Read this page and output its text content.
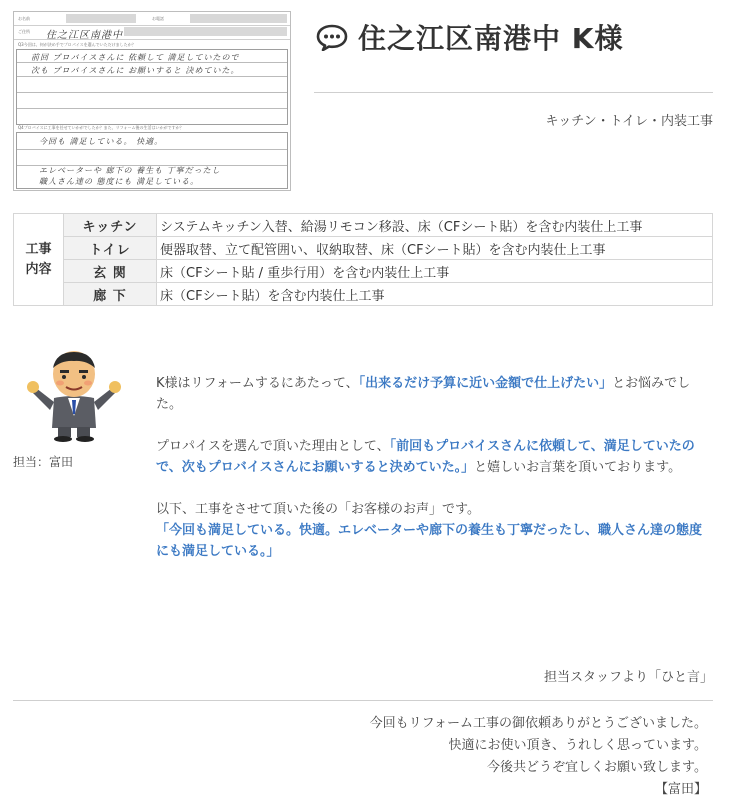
お名前	お電話
ご住所 住之江区南港中
Q3今回は、何が決め手でプロパイスを選んでいただけましたか？
前回 プロバイスさんに 依頼して 満足していたので
次も プロバイスさんに お願いすると 決めていた。
Q4プロバイスに工事を任せていかがでしたか？また、リフォーム後の生活はいかがですか？
今回も 満足している。 快適。
エレベーターや 廊下の 養生も 丁寧だったし
職人さん達の 態度にも 満足している。
住之江区南港中 K様
キッチン・トイレ・内装工事
工事
内容	キッチン	システムキッチン入替、給湯リモコン移設、床（CFシート貼）を含む内装仕上工事
	トイレ	便器取替、立て配管囲い、収納取替、床（CFシート貼）を含む内装仕上工事
	玄 関	床（CFシート貼 / 重歩行用）を含む内装仕上工事
	廊 下	床（CFシート貼）を含む内装仕上工事
担当：富田

K様はリフォームするにあたって、「出来るだけ予算に近い金額で仕上げたい」とお悩みでした。

プロパイスを選んで頂いた理由として、「前回もプロバイスさんに依頼して、満足していたので、次もプロバイスさんにお願いすると決めていた。」と嬉しいお言葉を頂いております。

以下、工事をさせて頂いた後の「お客様のお声」です。
「今回も満足している。快適。エレベーターや廊下の養生も丁寧だったし、職人さん達の態度にも満足している。」

担当スタッフより「ひと言」
今回もリフォーム工事の御依頼ありがとうございました。
快適にお使い頂き、うれしく思っています。
今後共どうぞ宜しくお願い致します。
【富田】
